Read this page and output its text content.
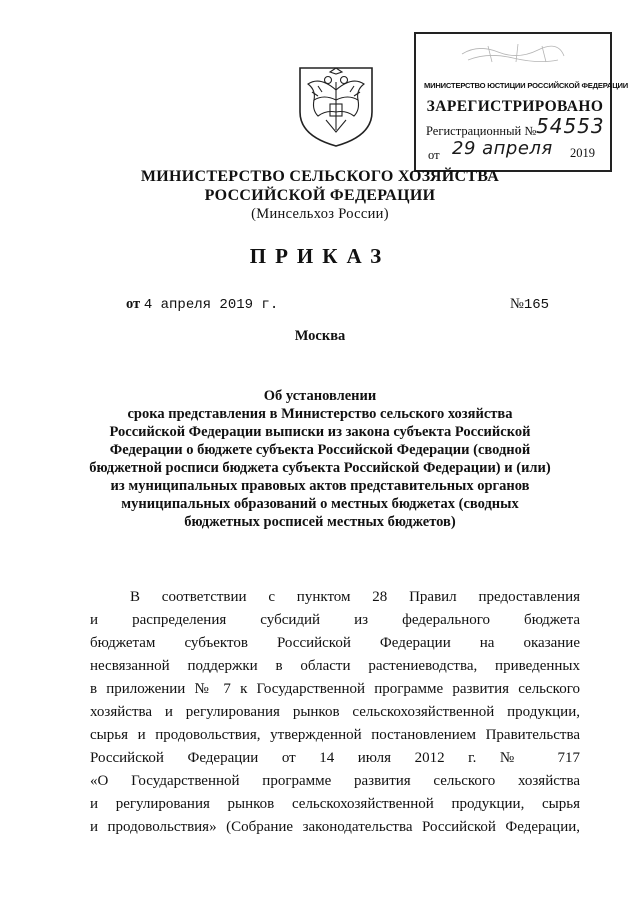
МИНИСТЕРСТВО ЮСТИЦИИ РОССИЙСКОЙ ФЕДЕРАЦИИ
ЗАРЕГИСТРИРОВАНО
Регистрационный № 54553
от 29 апреля 2019
МИНИСТЕРСТВО СЕЛЬСКОГО ХОЗЯЙСТВА
РОССИЙСКОЙ ФЕДЕРАЦИИ
(Минсельхоз России)
ПРИКАЗ
от 4 апреля 2019 г.	№165
Москва
Об установлении
срока представления в Министерство сельского хозяйства
Российской Федерации выписки из закона субъекта Российской
Федерации о бюджете субъекта Российской Федерации (сводной
бюджетной росписи бюджета субъекта Российской Федерации) и (или)
из муниципальных правовых актов представительных органов
муниципальных образований о местных бюджетах (сводных
бюджетных росписей местных бюджетов)
В соответствии с пунктом 28 Правил предоставления
и распределения субсидий из федерального бюджета
бюджетам субъектов Российской Федерации на оказание
несвязанной поддержки в области растениеводства, приведенных
в приложении № 7 к Государственной программе развития сельского
хозяйства и регулирования рынков сельскохозяйственной продукции,
сырья и продовольствия, утвержденной постановлением Правительства
Российской Федерации от 14 июля 2012 г. № 717
«О Государственной программе развития сельского хозяйства
и регулирования рынков сельскохозяйственной продукции, сырья
и продовольствия» (Собрание законодательства Российской Федерации,
